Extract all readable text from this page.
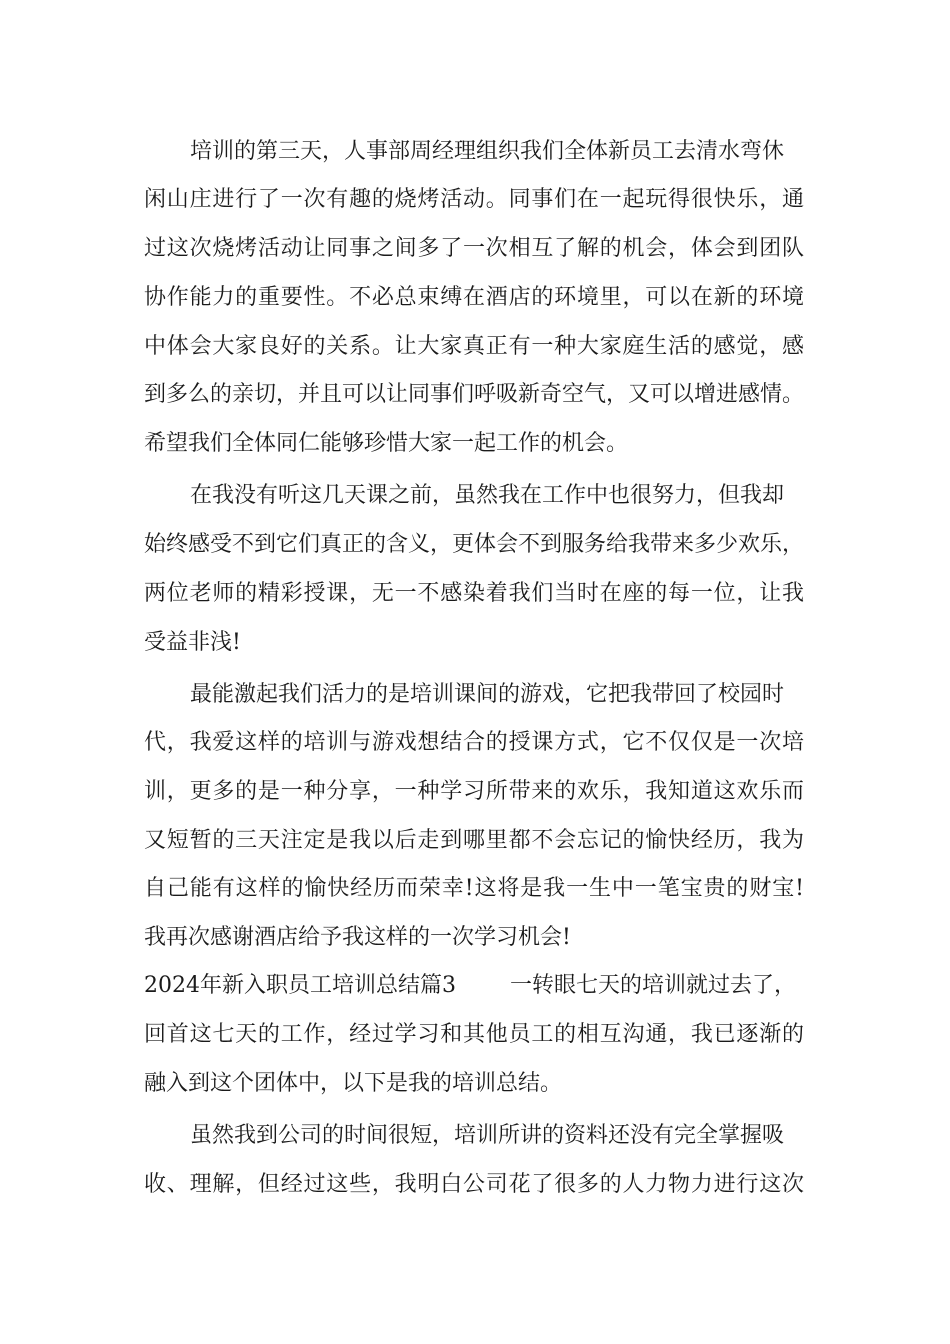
培训的第三天，人事部周经理组织我们全体新员工去清水弯休
闲山庄进行了一次有趣的烧烤活动。同事们在一起玩得很快乐，通
过这次烧烤活动让同事之间多了一次相互了解的机会，体会到团队
协作能力的重要性。不必总束缚在酒店的环境里，可以在新的环境
中体会大家良好的关系。让大家真正有一种大家庭生活的感觉，感
到多么的亲切，并且可以让同事们呼吸新奇空气，又可以增进感情。
希望我们全体同仁能够珍惜大家一起工作的机会。
在我没有听这几天课之前，虽然我在工作中也很努力，但我却
始终感受不到它们真正的含义，更体会不到服务给我带来多少欢乐，
两位老师的精彩授课，无一不感染着我们当时在座的每一位，让我
受益非浅!
最能激起我们活力的是培训课间的游戏，它把我带回了校园时
代，我爱这样的培训与游戏想结合的授课方式，它不仅仅是一次培
训，更多的是一种分享，一种学习所带来的欢乐，我知道这欢乐而
又短暂的三天注定是我以后走到哪里都不会忘记的愉快经历，我为
自己能有这样的愉快经历而荣幸!这将是我一生中一笔宝贵的财宝!
我再次感谢酒店给予我这样的一次学习机会!
2024年新入职员工培训总结篇3 一转眼七天的培训就过去了，
回首这七天的工作，经过学习和其他员工的相互沟通，我已逐渐的
融入到这个团体中，以下是我的培训总结。
虽然我到公司的时间很短，培训所讲的资料还没有完全掌握吸
收、理解，但经过这些，我明白公司花了很多的人力物力进行这次
